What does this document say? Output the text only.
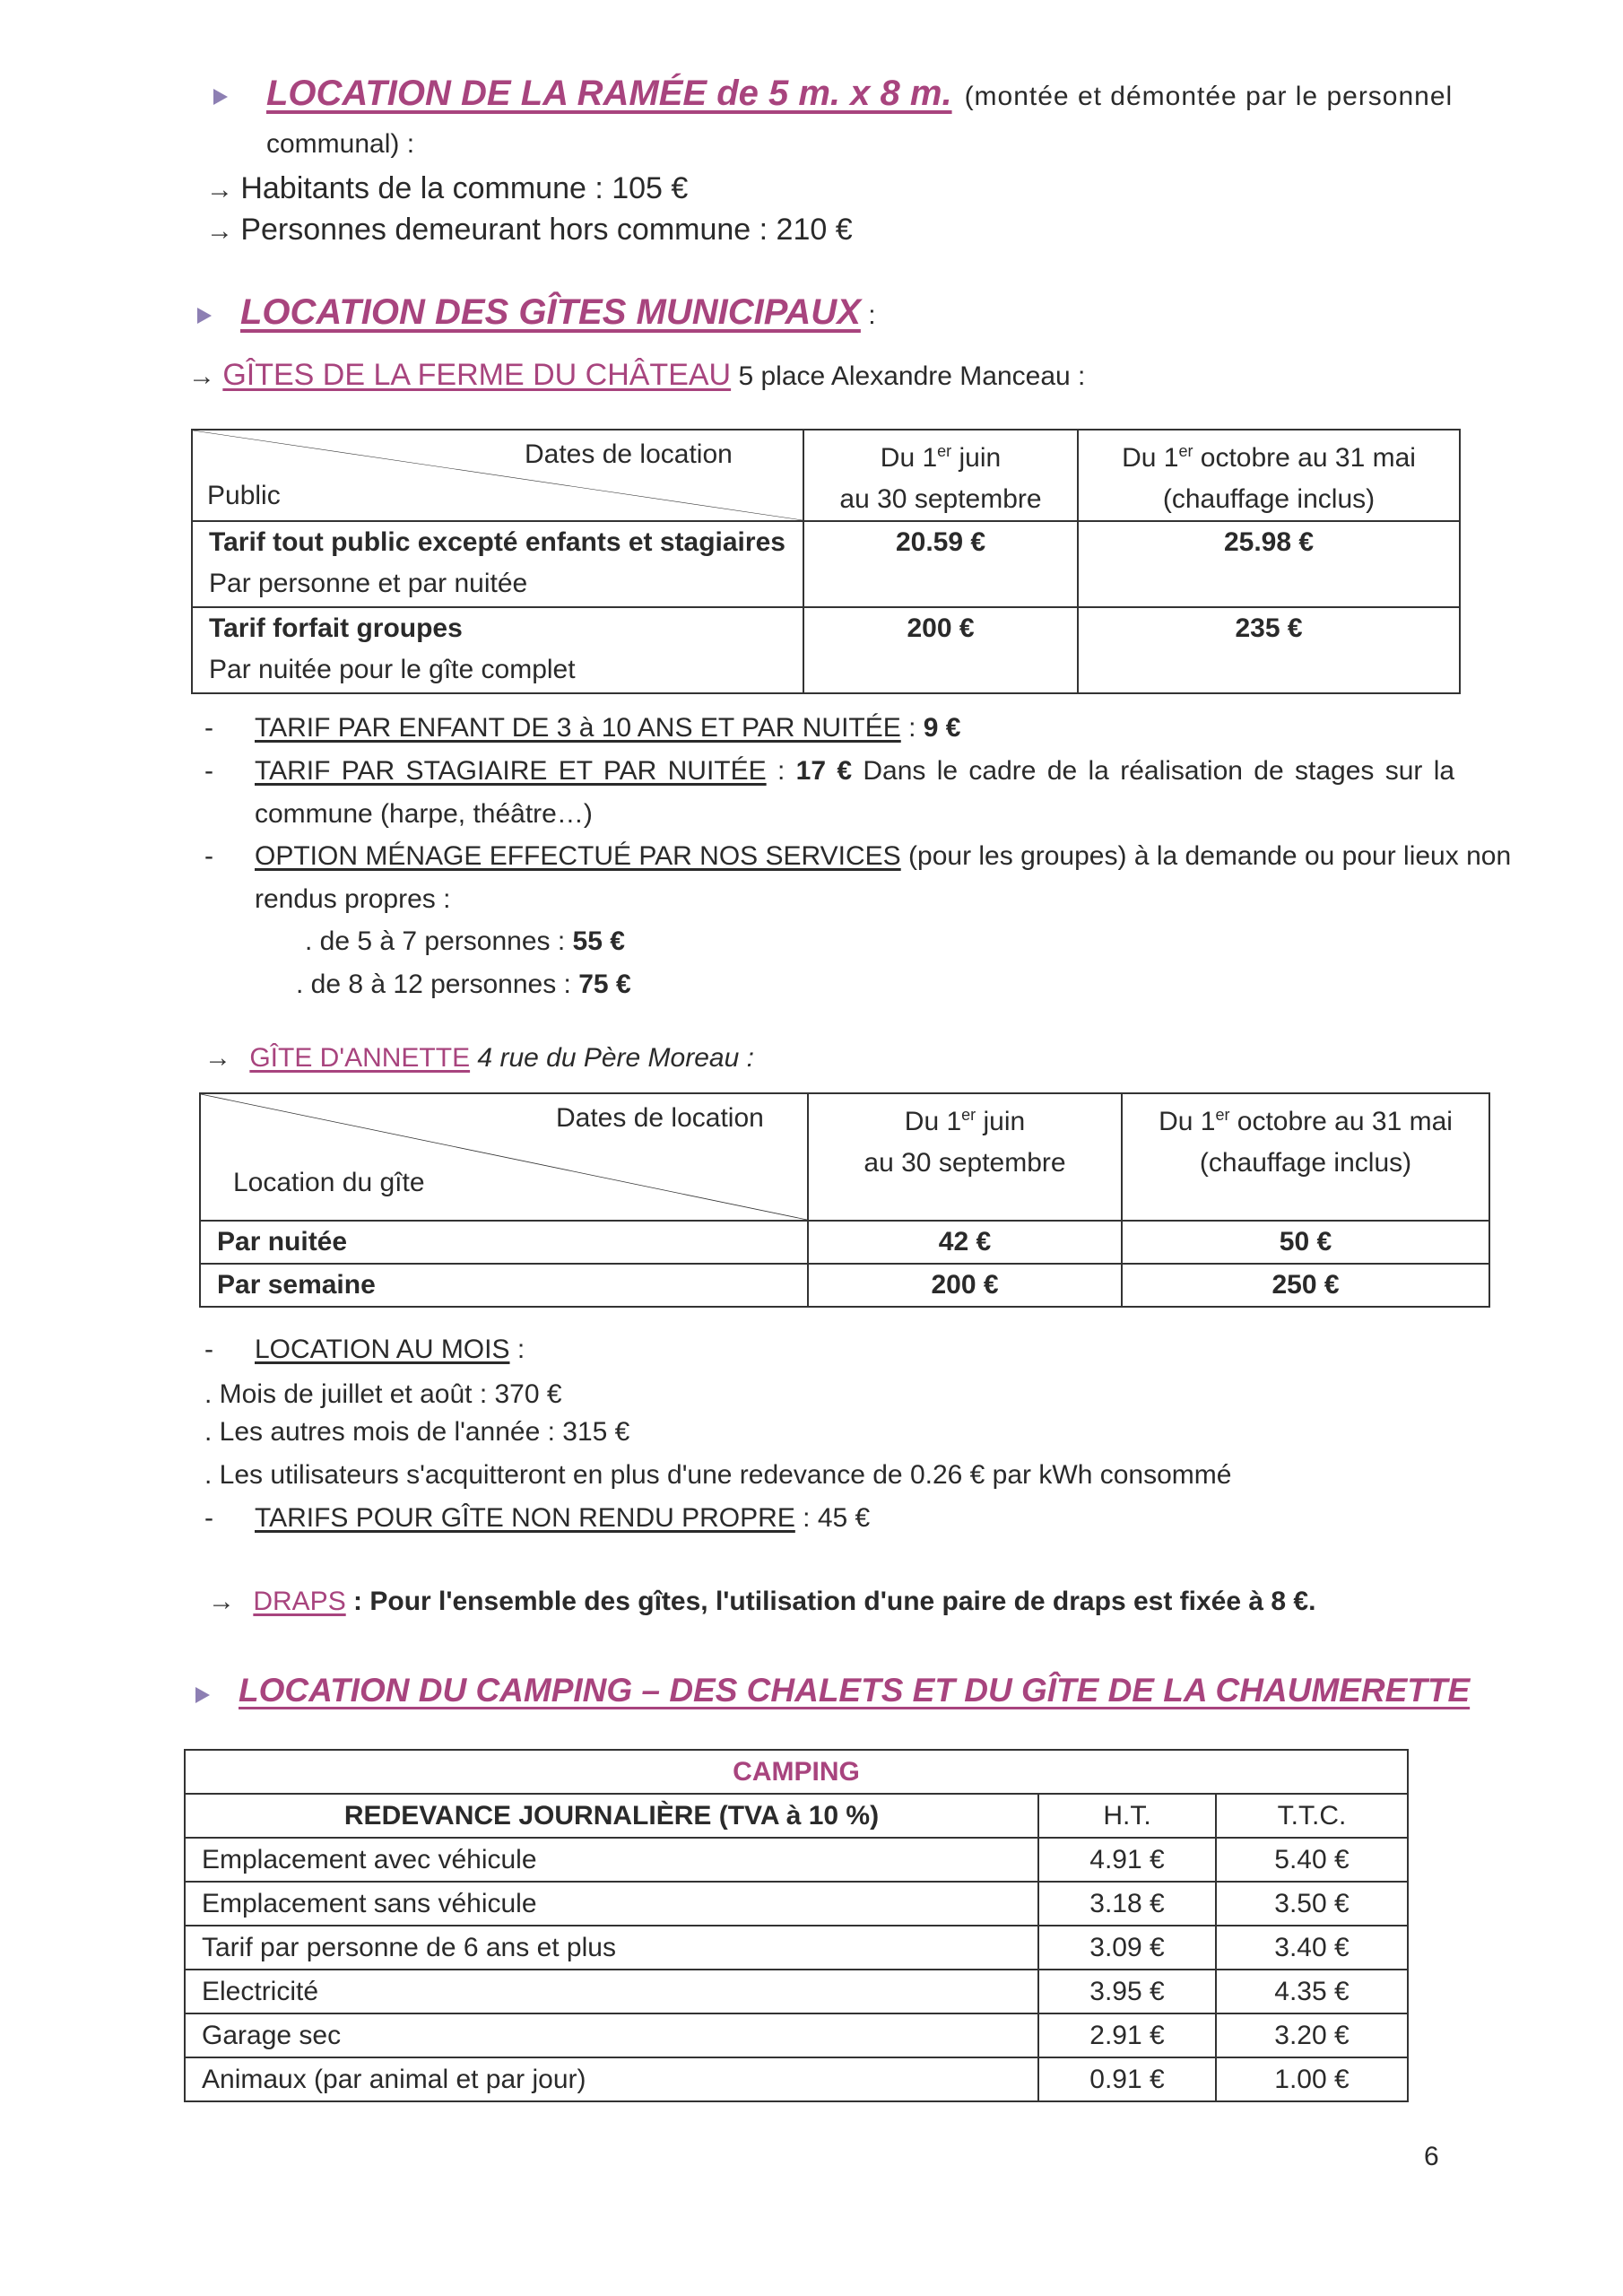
LOCATION DE LA RAMÉE de 5 m. x 8 m. (montée et démontée par le personnel
communal) :
→ Habitants de la commune : 105 €
→ Personnes demeurant hors commune : 210 €
LOCATION DES GÎTES MUNICIPAUX :
→ GÎTES DE LA FERME DU CHÂTEAU 5 place Alexandre Manceau :
Dates de location
Public
	Du 1er juin
au 30 septembre	Du 1er octobre au 31 mai
(chauffage inclus)
Tarif tout public excepté enfants et stagiaires
Par personne et par nuitée	20.59 €	25.98 €
Tarif forfait groupes
Par nuitée pour le gîte complet	200 €	235 €
- TARIF PAR ENFANT DE 3 à 10 ANS ET PAR NUITÉE : 9 €
- TARIF PAR STAGIAIRE ET PAR NUITÉE : 17 € Dans le cadre de la réalisation de stages sur la
commune (harpe, théâtre…)
- OPTION MÉNAGE EFFECTUÉ PAR NOS SERVICES (pour les groupes) à la demande ou pour lieux non
rendus propres :
. de 5 à 7 personnes : 55 €
. de 8 à 12 personnes : 75 €
→ GÎTE D'ANNETTE 4 rue du Père Moreau :
Dates de location
Location du gîte
	Du 1er juin
au 30 septembre	Du 1er octobre au 31 mai
(chauffage inclus)
Par nuitée	42 €	50 €
Par semaine	200 €	250 €
- LOCATION AU MOIS :
. Mois de juillet et août : 370 €
. Les autres mois de l'année : 315 €
. Les utilisateurs s'acquitteront en plus d'une redevance de 0.26 € par kWh consommé
- TARIFS POUR GÎTE NON RENDU PROPRE : 45 €
→ DRAPS : Pour l'ensemble des gîtes, l'utilisation d'une paire de draps est fixée à 8 €.
LOCATION DU CAMPING – DES CHALETS ET DU GÎTE DE LA CHAUMERETTE
CAMPING		
REDEVANCE JOURNALIÈRE (TVA à 10 %)	H.T.	T.T.C.
Emplacement avec véhicule	4.91 €	5.40 €
Emplacement sans véhicule	3.18 €	3.50 €
Tarif par personne de 6 ans et plus	3.09 €	3.40 €
Electricité	3.95 €	4.35 €
Garage sec	2.91 €	3.20 €
Animaux (par animal et par jour)	0.91 €	1.00 €
6
